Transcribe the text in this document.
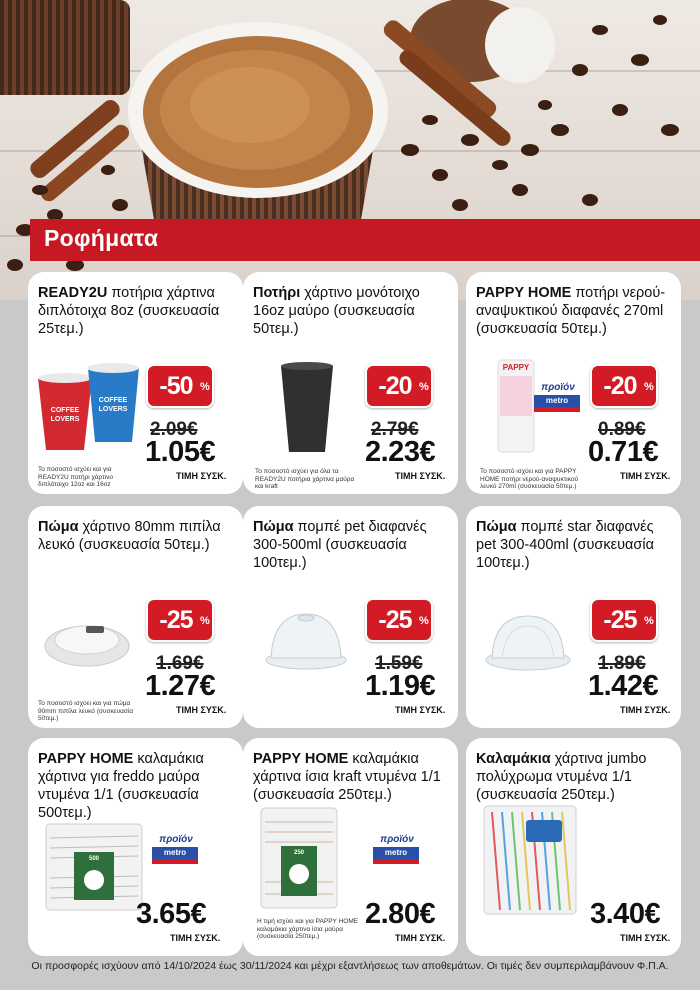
Ροφήματα
READY2U ποτήρια χάρτινα διπλότοιχα 8oz (συσκευασία 25τεμ.)
COFFEE
LOVERS
COFFEE
LOVERS
-50 %
2.09€
1.05€
ΤΙΜΗ ΣΥΣΚ.
Το ποσοστό ισχύει και για READY2U ποτήρι χάρτινο διπλότοιχο 12oz και 16oz
Ποτήρι χάρτινο μονότοιχο 16oz μαύρο (συσκευασία 50τεμ.)
-20 %
2.79€
2.23€
ΤΙΜΗ ΣΥΣΚ.
Το ποσοστό ισχύει για όλα τα READY2U ποτήρια χάρτινα μαύρα και kraft
PAPPY HOME ποτήρι νερού- αναψυκτικού διαφανές 270ml (συσκευασία 50τεμ.)
PAPPY
προϊόν
metro
-20 %
0.89€
0.71€
ΤΙΜΗ ΣΥΣΚ.
Το ποσοστό ισχύει και για PAPPY HOME ποτήρι νερού-αναψυκτικού λευκό 270ml (συσκευασία 50τεμ.)
Πώμα χάρτινο 80mm πιπίλα λευκό (συσκευασία 50τεμ.)
-25 %
1.69€
1.27€
ΤΙΜΗ ΣΥΣΚ.
Το ποσοστό ισχύει και για πώμα 90mm πιπίλα λευκό (συσκευασία 50τεμ.)
Πώμα πομπέ pet διαφανές 300-500ml (συσκευασία 100τεμ.)
-25 %
1.59€
1.19€
ΤΙΜΗ ΣΥΣΚ.
Πώμα πομπέ star διαφανές pet 300-400ml (συσκευασία 100τεμ.)
-25 %
1.89€
1.42€
ΤΙΜΗ ΣΥΣΚ.
PAPPY HOME καλαμάκια χάρτινα για freddo μαύρα ντυμένα 1/1 (συσκευασία 500τεμ.)
500
προϊόν
metro
3.65€
ΤΙΜΗ ΣΥΣΚ.
PAPPY HOME καλαμάκια χάρτινα ίσια kraft ντυμένα 1/1 (συσκευασία 250τεμ.)
250
προϊόν
metro
2.80€
ΤΙΜΗ ΣΥΣΚ.
Η τιμή ισχύει και για PAPPY HOME καλαμάκια χάρτινα ίσια μαύρα (συσκευασία 250τεμ.)
Καλαμάκια χάρτινα jumbo πολύχρωμα ντυμένα 1/1 (συσκευασία 250τεμ.)
3.40€
ΤΙΜΗ ΣΥΣΚ.
Οι προσφορές ισχύουν από 14/10/2024 έως 30/11/2024 και μέχρι εξαντλήσεως των αποθεμάτων. Οι τιμές δεν συμπεριλαμβάνουν Φ.Π.Α.
